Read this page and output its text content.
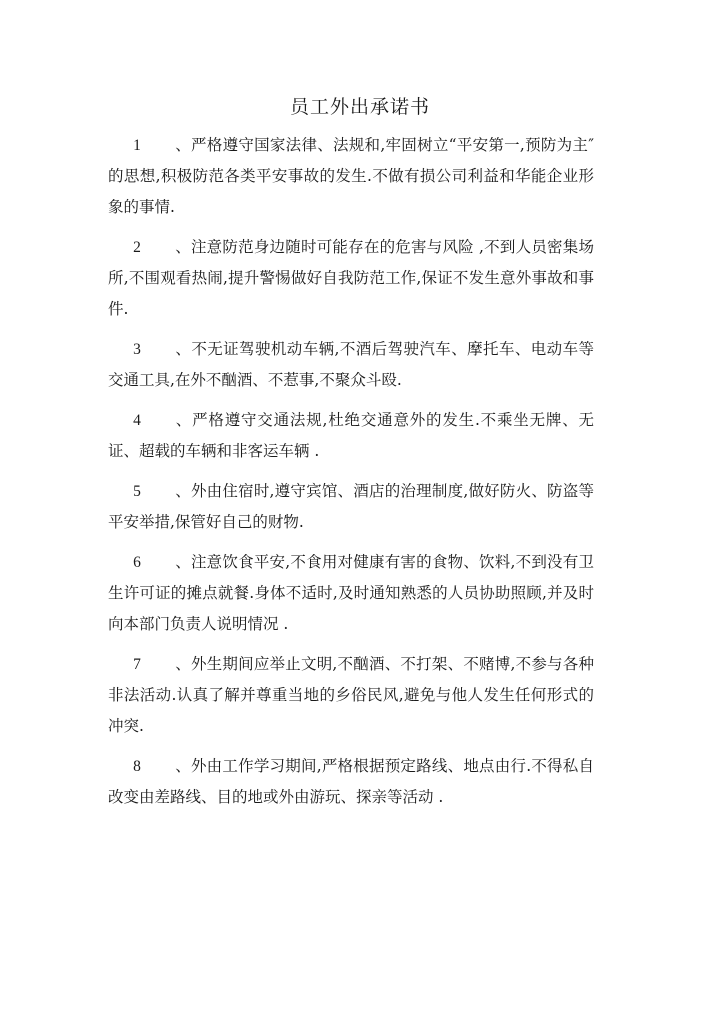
员工外出承诺书

1 、严格遵守国家法律、法规和,牢固树立“平安第一,预防为主″的思想,积极防范各类平安事故的发生.不做有损公司利益和华能企业形象的事情.

2 、注意防范身边随时可能存在的危害与风险 ,不到人员密集场所,不围观看热闹,提升警惕做好自我防范工作,保证不发生意外事故和事件.

3 、不无证驾驶机动车辆,不酒后驾驶汽车、摩托车、电动车等交通工具,在外不酗酒、不惹事,不聚众斗殴.

4 、严格遵守交通法规,杜绝交通意外的发生.不乘坐无牌、无证、超载的车辆和非客运车辆 .

5 、外由住宿时,遵守宾馆、酒店的治理制度,做好防火、防盗等平安举措,保管好自己的财物.

6 、注意饮食平安,不食用对健康有害的食物、饮料,不到没有卫生许可证的摊点就餐.身体不适时,及时通知熟悉的人员协助照顾,并及时向本部门负责人说明情况 .

7 、外生期间应举止文明,不酗酒、不打架、不赌博,不参与各种非法活动.认真了解并尊重当地的乡俗民风,避免与他人发生任何形式的冲突.

8 、外由工作学习期间,严格根据预定路线、地点由行.不得私自改变由差路线、目的地或外由游玩、探亲等活动 .
